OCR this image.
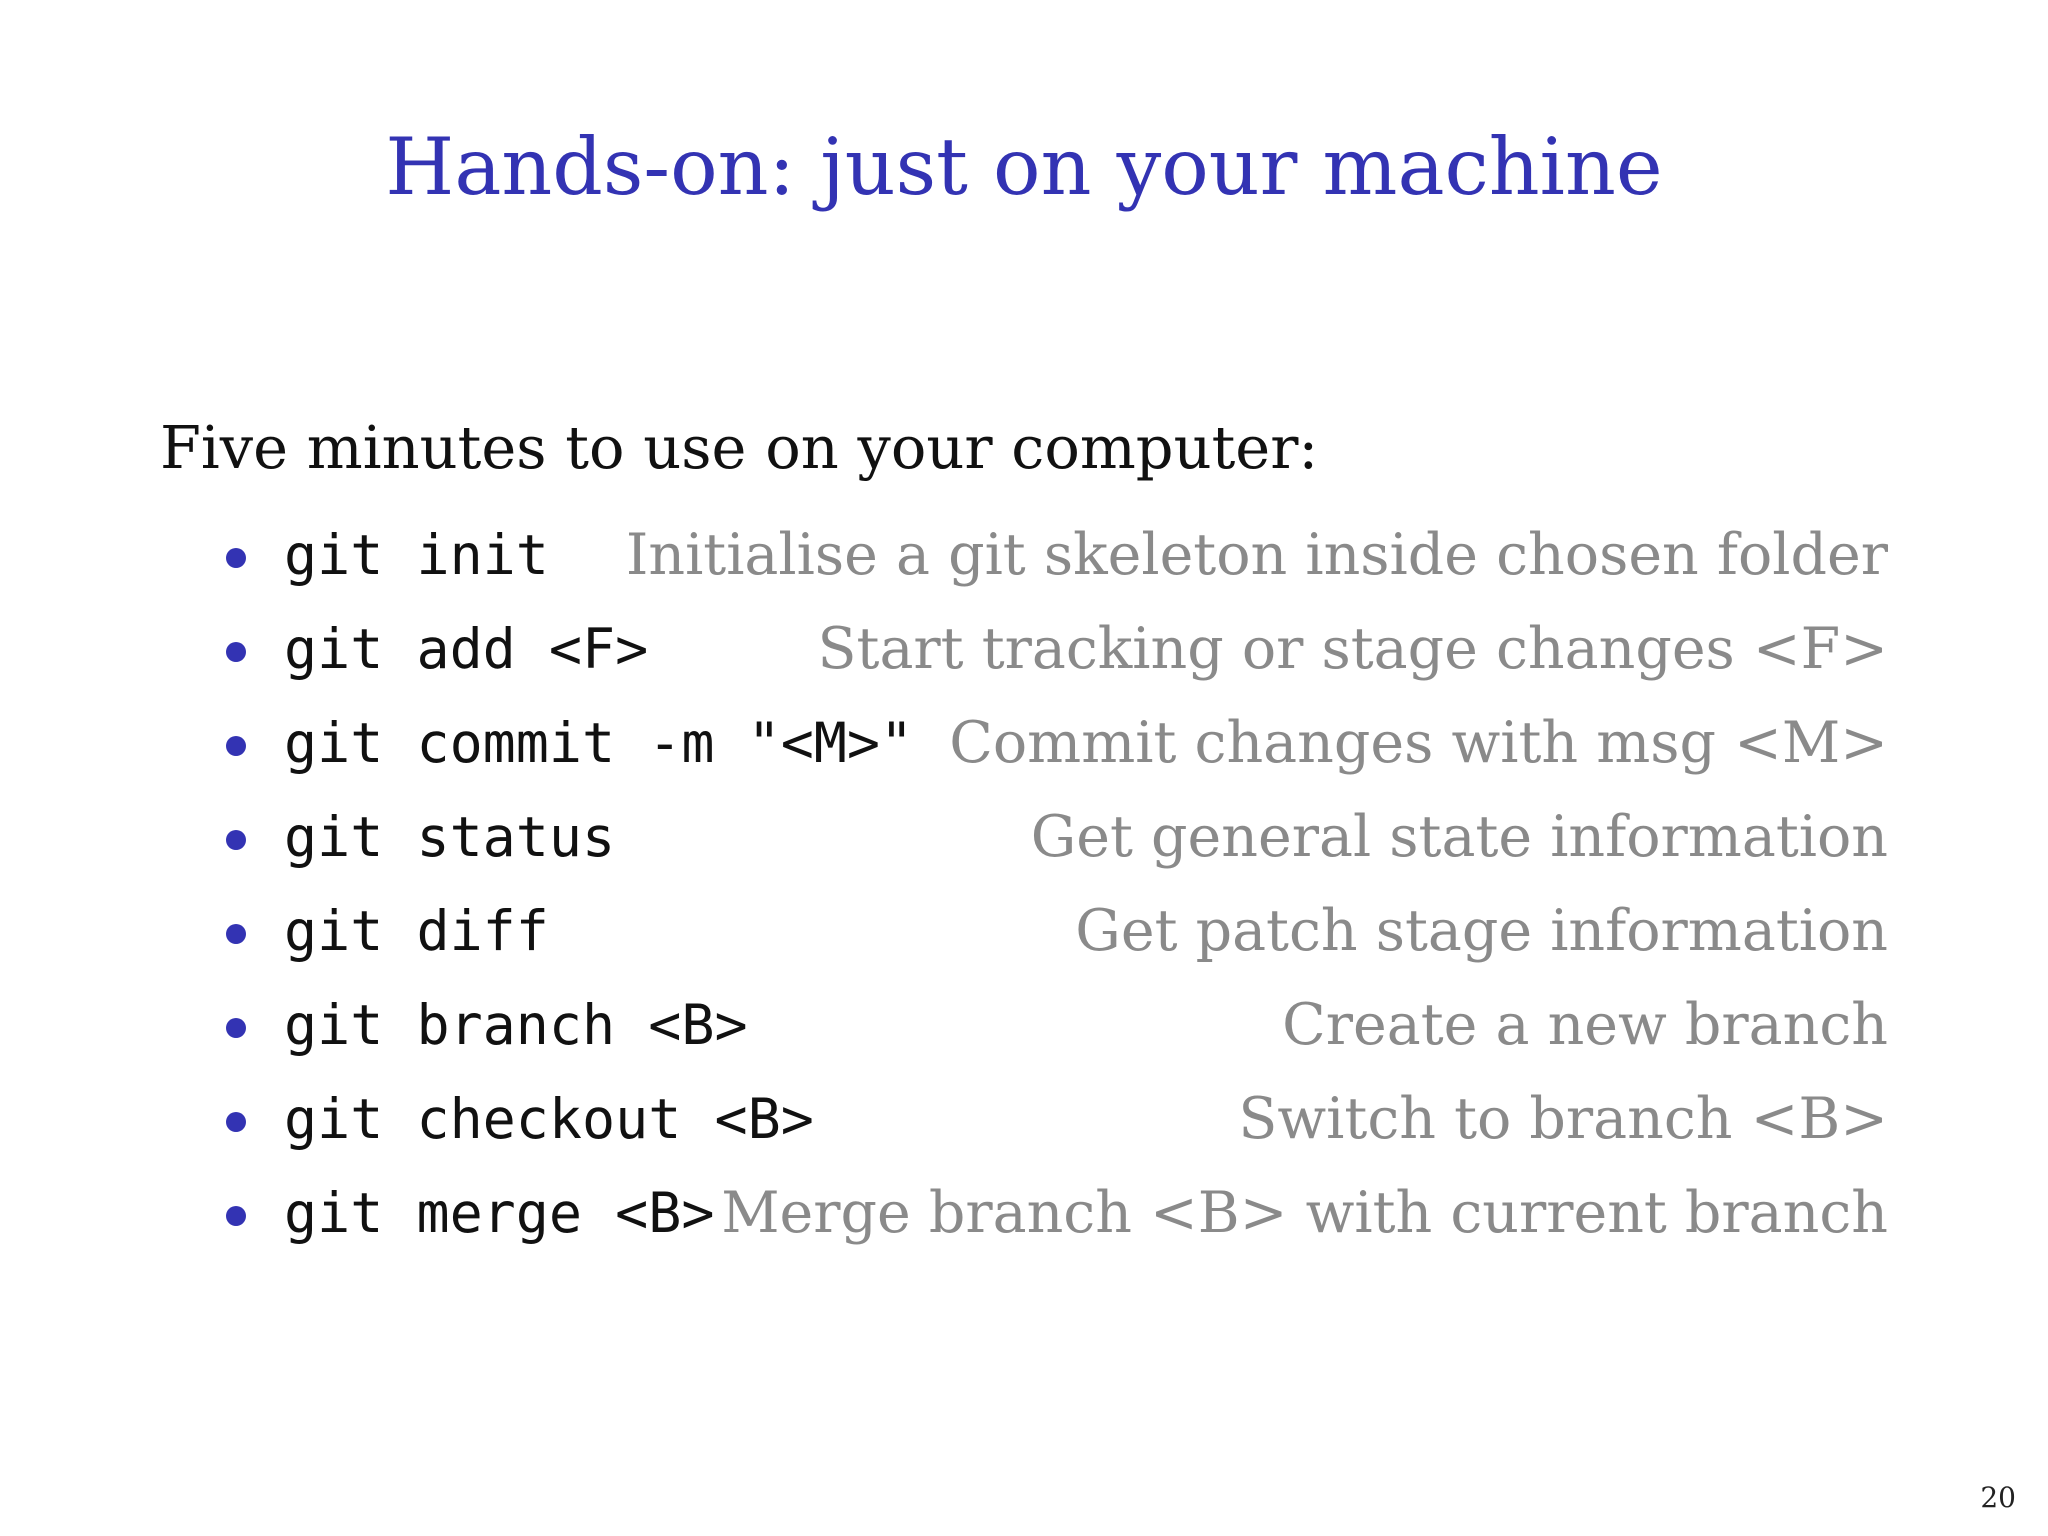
Hands-on: just on your machine
Five minutes to use on your computer:
git init Initialise a git skeleton inside chosen folder
git add <F>	Start tracking or stage changes <F>
git commit -m "<M>" Commit changes with msg <M>
git status	Get general state information
git diff	Get patch stage information
git branch <B>	Create a new branch
git checkout <B>	Switch to branch <B>
git merge <B> Merge branch <B> with current branch
20
